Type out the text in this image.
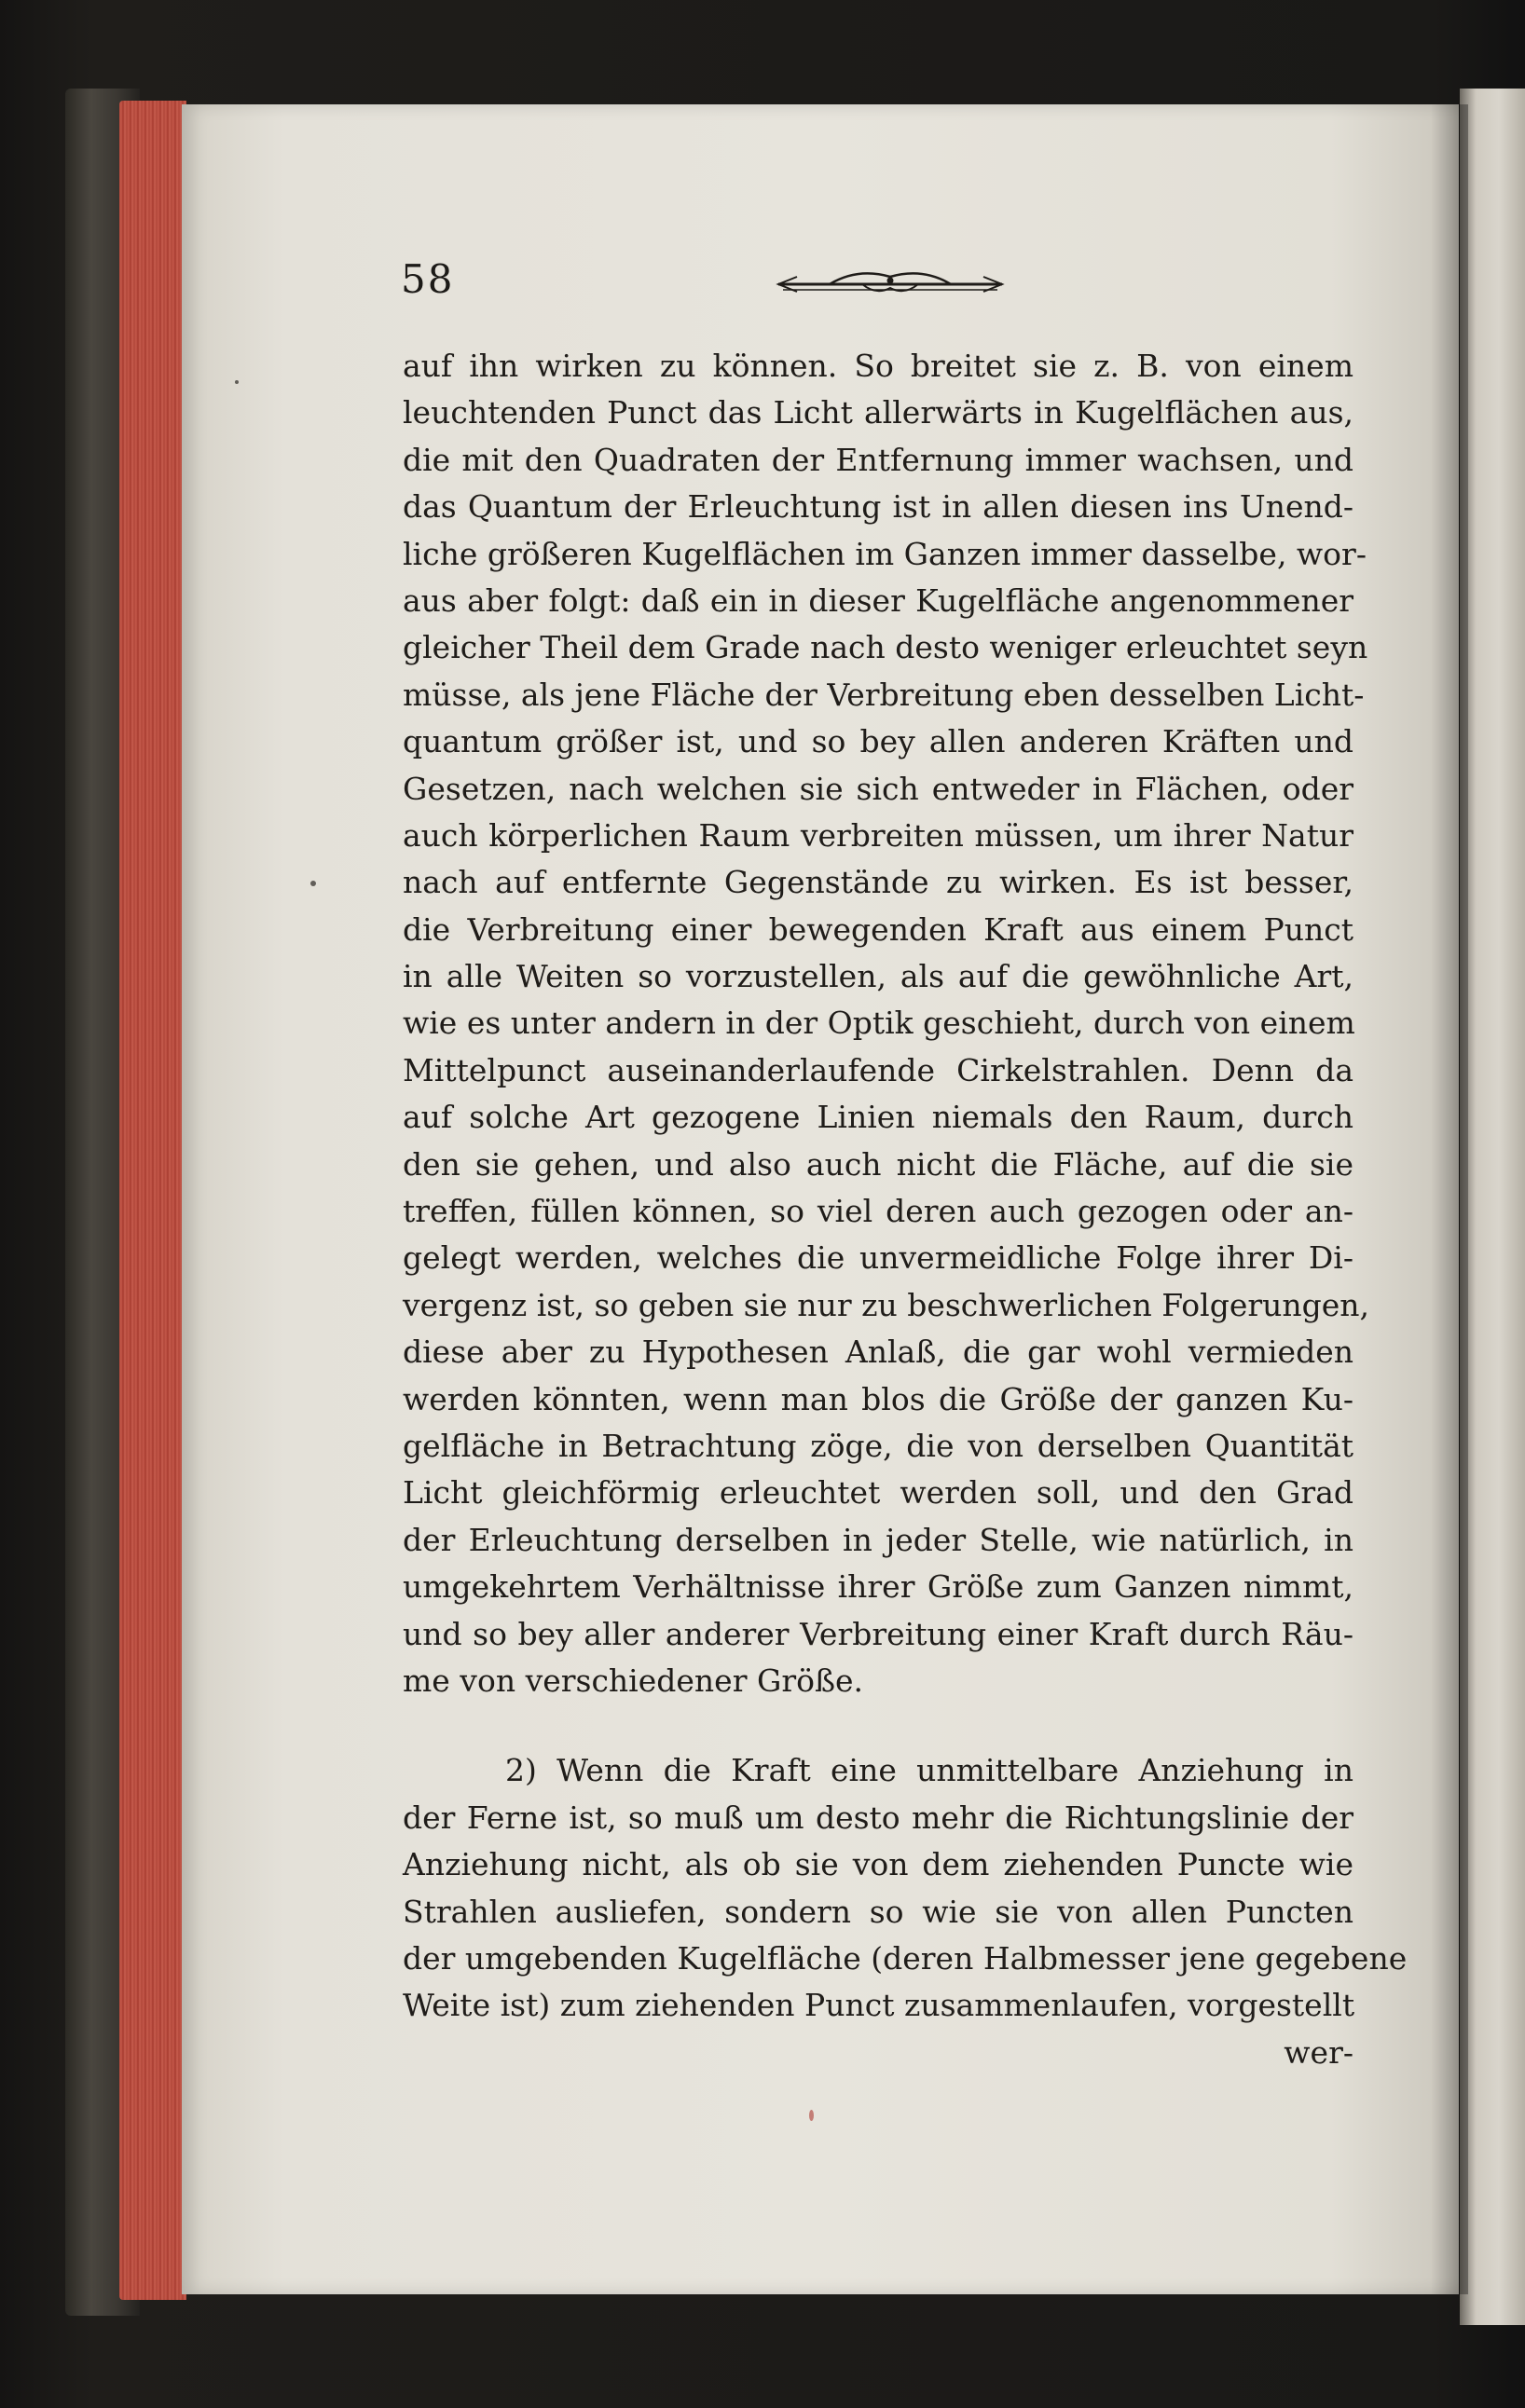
58
auf ihn wirken zu können. So breitet sie z. B. von einem
leuchtenden Punct das Licht allerwärts in Kugelflächen aus,
die mit den Quadraten der Entfernung immer wachsen, und
das Quantum der Erleuchtung ist in allen diesen ins Unend-
liche größeren Kugelflächen im Ganzen immer dasselbe, wor-
aus aber folgt: daß ein in dieser Kugelfläche angenommener
gleicher Theil dem Grade nach desto weniger erleuchtet seyn
müsse, als jene Fläche der Verbreitung eben desselben Licht-
quantum größer ist, und so bey allen anderen Kräften und
Gesetzen, nach welchen sie sich entweder in Flächen, oder
auch körperlichen Raum verbreiten müssen, um ihrer Natur
nach auf entfernte Gegenstände zu wirken. Es ist besser,
die Verbreitung einer bewegenden Kraft aus einem Punct
in alle Weiten so vorzustellen, als auf die gewöhnliche Art,
wie es unter andern in der Optik geschieht, durch von einem
Mittelpunct auseinanderlaufende Cirkelstrahlen. Denn da
auf solche Art gezogene Linien niemals den Raum, durch
den sie gehen, und also auch nicht die Fläche, auf die sie
treffen, füllen können, so viel deren auch gezogen oder an-
gelegt werden, welches die unvermeidliche Folge ihrer Di-
vergenz ist, so geben sie nur zu beschwerlichen Folgerungen,
diese aber zu Hypothesen Anlaß, die gar wohl vermieden
werden könnten, wenn man blos die Größe der ganzen Ku-
gelfläche in Betrachtung zöge, die von derselben Quantität
Licht gleichförmig erleuchtet werden soll, und den Grad
der Erleuchtung derselben in jeder Stelle, wie natürlich, in
umgekehrtem Verhältnisse ihrer Größe zum Ganzen nimmt,
und so bey aller anderer Verbreitung einer Kraft durch Räu-
me von verschiedener Größe.
2) Wenn die Kraft eine unmittelbare Anziehung in
der Ferne ist, so muß um desto mehr die Richtungslinie der
Anziehung nicht, als ob sie von dem ziehenden Puncte wie
Strahlen ausliefen, sondern so wie sie von allen Puncten
der umgebenden Kugelfläche (deren Halbmesser jene gegebene
Weite ist) zum ziehenden Punct zusammenlaufen, vorgestellt
wer-
